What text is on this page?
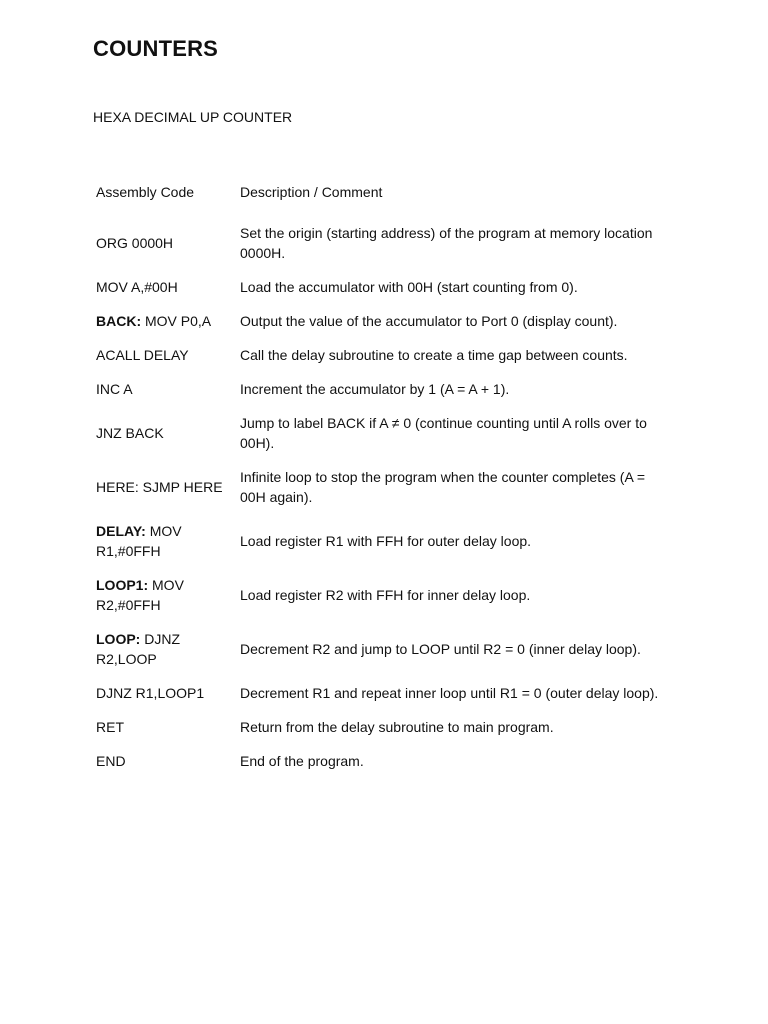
COUNTERS

HEXA DECIMAL UP COUNTER

Assembly Code	Description / Comment
ORG 0000H	Set the origin (starting address) of the program at memory location 0000H.
MOV A,#00H	Load the accumulator with 00H (start counting from 0).
BACK: MOV P0,A	Output the value of the accumulator to Port 0 (display count).
ACALL DELAY	Call the delay subroutine to create a time gap between counts.
INC A	Increment the accumulator by 1 (A = A + 1).
JNZ BACK	Jump to label BACK if A ≠ 0 (continue counting until A rolls over to 00H).
HERE: SJMP HERE	Infinite loop to stop the program when the counter completes (A = 00H again).
DELAY: MOV R1,#0FFH	Load register R1 with FFH for outer delay loop.
LOOP1: MOV R2,#0FFH	Load register R2 with FFH for inner delay loop.
LOOP: DJNZ R2,LOOP	Decrement R2 and jump to LOOP until R2 = 0 (inner delay loop).
DJNZ R1,LOOP1	Decrement R1 and repeat inner loop until R1 = 0 (outer delay loop).
RET	Return from the delay subroutine to main program.
END	End of the program.
